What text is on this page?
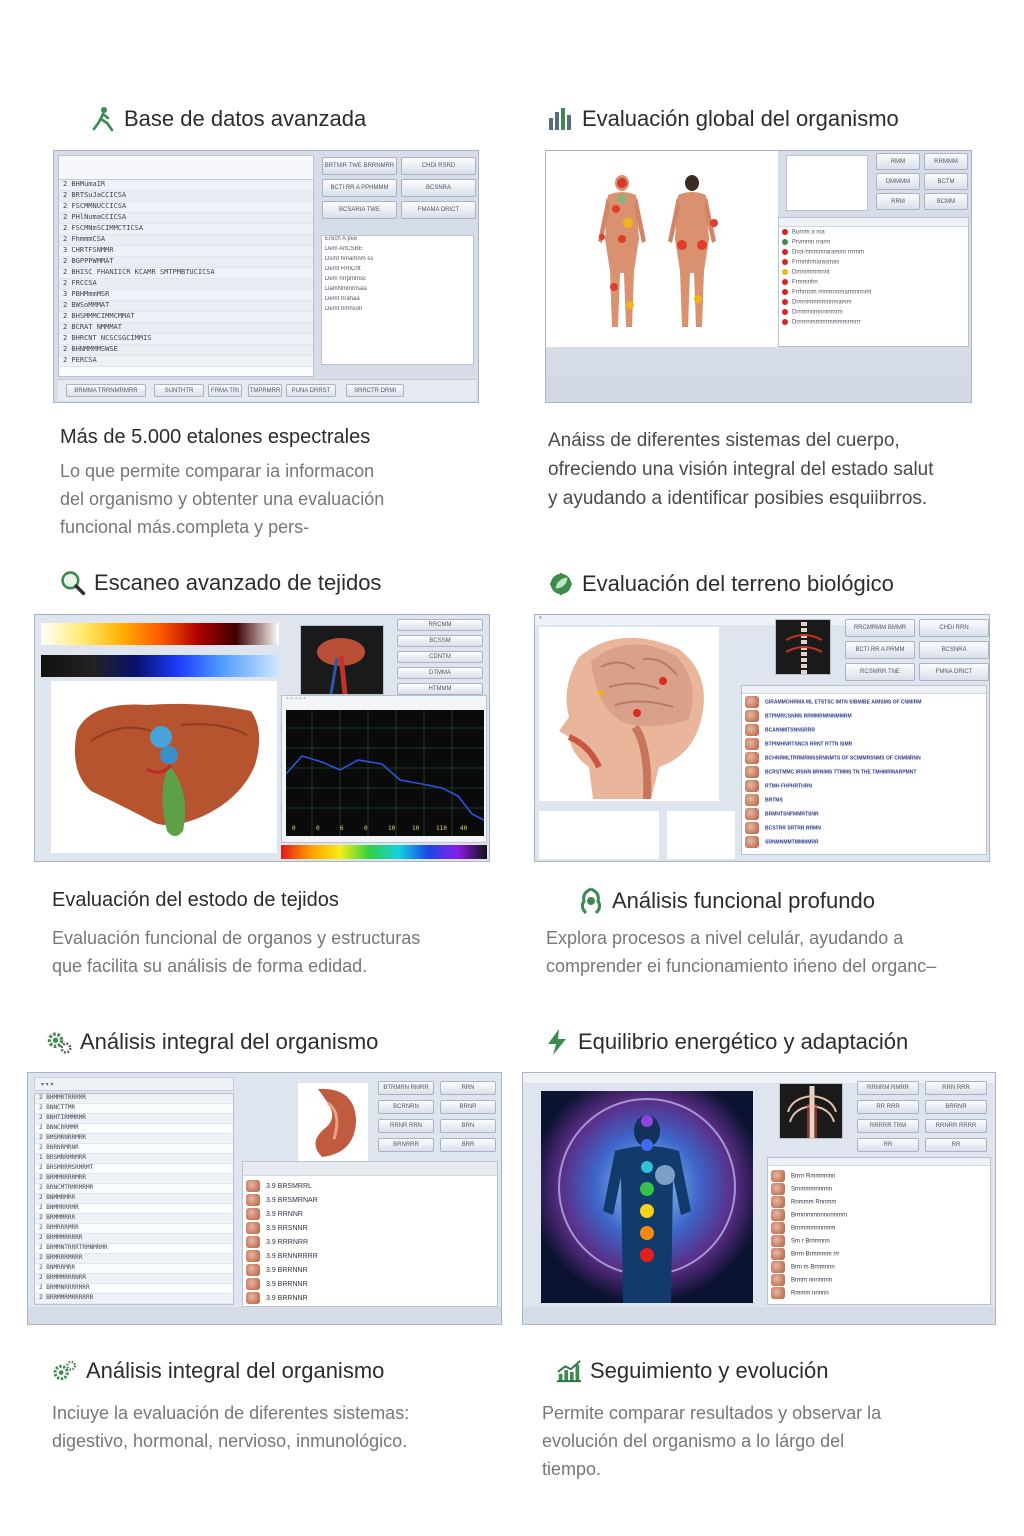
Base de datos avanzada
2 BHMumaIR
2 BRTSuJaCCICSA
2 FSCMMNUCCICSA
2 PHlNumaCCICSA
2 FSCMNmSCIMMCTICSA
2 FhmmmCSA
3 CHRTFSNMMR
2 BGPPPWMMAT
2 BHISC FHANIICR KCAMR SMTPMBTUCICSA
2 FRCCSA
3 PBHMmmMSR
2 BWSoMMMAT
2 BHSMMMCIMMCMMAT
2 BCRAT NMMMAT
2 BHRCNT NCSCSGCIMMIS
2 BHNMMMMSWSE
2 PERCSA
BRTNIR TWE BRRNMRR	CHDI RSRD
BCTI RR A PPHMMM	BCSNRA
BCSARIA TWE	FMAMA DRICT
Erech A pve
Dem ArlCSBE
Dsmt hmamnm ss
Demt RRiCrtt
Dem hrrpmmsc
DamNmmmsaa
Demt hrahaa
Demt hmhsoh
BRMMA TRRNMRMRR	SUNTHTR	FRMA TRI	TMPRMRR	PUNA DRRST	SRRCTR DRMI
Más de 5.000 etalones espectrales
Lo que permite comparar ia informacon
del organismo y obtenter una evaluación
funcional más.completa y pers-
Evaluación global del organismo
RMM	RRMMM
DMMMM	BCTM
RRM	BCMM
Burnm a ma
Prvmmn rrarm
Drot-hmmmrarammr rrrmm
Frrnmhmarasmas
Dmmmmmnnt
Frmmnhn
Frrhrnnm rrmmrmmarmnnnmt
Drmnmmmmnnmamm
Drrmrnnmnnmmrm
Drrmrnmmmrmmmmrmrrr
Anáiss de diferentes sistemas del cuerpo,
ofreciendo una visión integral del estado salut
y ayudando a identificar posibies esquiibrros.
Escaneo avanzado de tejidos
RRCMM
BCSSM
CDNTM
DTMMA
HTMMM
+ + + + +
0	0	6	0	10	10	110 40
Evaluación del estodo de tejidos
Evaluación funcional de organos y estructuras
que facilita su análisis de forma edidad.
Evaluación del terreno biológico
≡
RRCMRMM BMMR	CHDI RRN
BCTI RR A PRMM	BCSNRA
RCSMRR TNE	FMNA DRICT

GIRAMMOHRMA ML ETSTSC IMTN SIBMIBE AIMSMS OF CNMIRM
BTPIMRCSNMS RRMMRMINNMMRM
BCANNMTSNNSRRR
BTPIMHNRTSNCS RRNT RTTN SIMR
BCHNRMLTRRMRMSSRNNMTS OF SCIMMRSNMS OF CNMMRNN
BCRSTMMC IRSNN BRNIMS TTMMS TN THE TMHMRMARPMNT
RTMH FHPHRTHRN
BRTMS
BRMNTSNFMMRTSNR
BCSTRR SRTRR RRMN
SRNMNMMTMMMMRR
Análisis funcional profundo
Explora procesos a nivel celulár, ayudando a
comprender ei funcionamiento ińeno del organc–
Análisis integral del organismo
▾ ▾ ▾
2 BHMMRTRRRMR
2 BNNCTTMR
2 BNHTIRMMRMR
2 BNNCRRMMR
2 BMSMRNRRMRR
2 BNRNRMRNR
1 BRSMRRMRMRR
2 BRSMRRMSRMRMT
2 BRMMRRRRMRR
2 BRNCMTRMRMRMR
2 BNMMRMRR
2 BNMMRRRMR
2 BRMMMRRR
2 BRMRRRMRR
2 BRMMMRRRRR
2 BRMMNTRRRTRMNMRMR
2 BRMRRRMRRR
2 BNMRRMRR
2 BRMMMRRRNRR
2 BRMMNRRRRMRR
2 BRRMMRMRRRRRR
BTRMRN RMRR	RRN
BCRNRN	BRNR
RRNR RRN	BRN
BRNRRR	BRR
3.9 BRSMRRL
3.9 BRSMRNAR
3.9 RRNNR
3.9 RRSNNR
3.9 RRRNRR
3.9 BRNNRRRR
3.9 BRRNNR
3.9 BRRNNR
3.9 BRRNNR
Equilibrio energético y adaptación
RRNRM RMRR	RRN RRR
RR RRR	BRRNR
RRRRR TRM	RRNRR RRRR
RR	RR
Brrrn Rmmmnnn
Srnmmmnnnnn
Rnmmm Rnnmm
Brmmmmnnnnnnmm
Brnmmmnnnmm
Sm r Brnmnnn
Brrm Brmmmm rrr
Brm m Brnmnnn
Brmm nnnnnnn
Rmmm nnnnn
Análisis integral del organismo
Inciuye la evaluación de diferentes sistemas:
digestivo, hormonal, nervioso, inmunológico.
Seguimiento y evolución
Permite comparar resultados y observar la
evolución del organismo a lo lárgo del
tiempo.
